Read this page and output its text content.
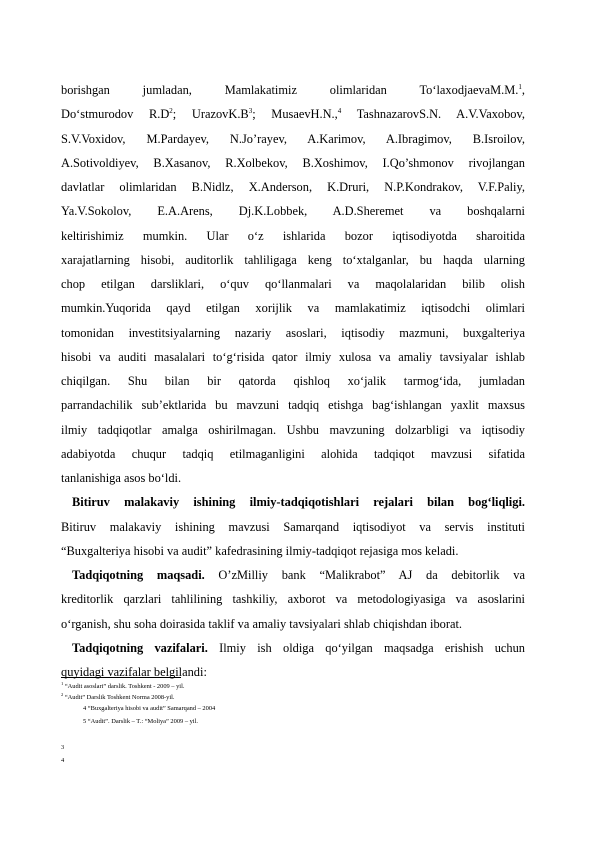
borishgan jumladan, Mamlakatimiz olimlaridan To‘laxodjaevaM.M.$^1$,
Do‘stmurodov $R.D^2$; $UrazovK.B^3$; MusaevH.N.,$^4$ TashnazarovS.N. A.V.Vaxobov,
S.V.Voxidov, M.Pardayev, N.Jo’rayev, A.Karimov, A.Ibragimov, B.Isroilov,
A.Sotivoldiyev, B.Xasanov, R.Xolbekov, B.Xoshimov, I.Qo’shmonov rivojlangan
davlatlar olimlaridan B.Nidlz, X.Anderson, K.Druri, N.P.Kondrakov, V.F.Paliy,
Ya.V.Sokolov, E.A.Arens, Dj.K.Lobbek, A.D.Sheremet va boshqalarni
keltirishimiz mumkin. Ular o‘z ishlarida bozor iqtisodiyotda sharoitida
xarajatlarning hisobi, auditorlik tahliligaga keng to‘xtalganlar, bu haqda ularning
chop etilgan darsliklari, o‘quv qo‘llanmalari va maqolalaridan bilib olish
mumkin.Yuqorida qayd etilgan xorijlik va mamlakatimiz iqtisodchi olimlari
tomonidan investitsiyalarning nazariy asoslari, iqtisodiy mazmuni, buxgalteriya
hisobi va auditi masalalari to‘g‘risida qator ilmiy xulosa va amaliy tavsiyalar ishlab
chiqilgan. Shu bilan bir qatorda qishloq xo‘jalik tarmog‘ida, jumladan
parrandachilik sub’ektlarida bu mavzuni tadqiq etishga bag‘ishlangan yaxlit maxsus
ilmiy tadqiqotlar amalga oshirilmagan. Ushbu mavzuning dolzarbligi va iqtisodiy
adabiyotda chuqur tadqiq etilmaganligini alohida tadqiqot mavzusi sifatida
tanlanishiga asos bo‘ldi.
Bitiruv malakaviy ishining ilmiy-tadqiqotishlari rejalari bilan bog‘liqligi.
Bitiruv malakaviy ishining mavzusi Samarqand iqtisodiyot va servis instituti
“Buxgalteriya hisobi va audit” kafedrasining ilmiy-tadqiqot rejasiga mos keladi.
Tadqiqotning maqsadi. O’zMilliy bank “Malikrabot” AJ da debitorlik va
kreditorlik qarzlari tahlilining tashkiliy, axborot va metodologiyasiga va asoslarini
o‘rganish, shu soha doirasida taklif va amaliy tavsiyalari shlab chiqishdan iborat.
Tadqiqotning vazifalari. Ilmiy ish oldiga qo‘yilgan maqsadga erishish uchun
quyidagi vazifalar belgilandi:
$^1$ “Audit asoslari” darslik. Toshkent - 2009 – yil.
$^2$ “Audit” Darslik Toshkent Norma 2008-yil.
4 “Buxgalteriya hisobi va audit” Samarqand – 2004
5 “Audit”. Darslik – T.: “Moliya” 2009 – yil.
3
4
